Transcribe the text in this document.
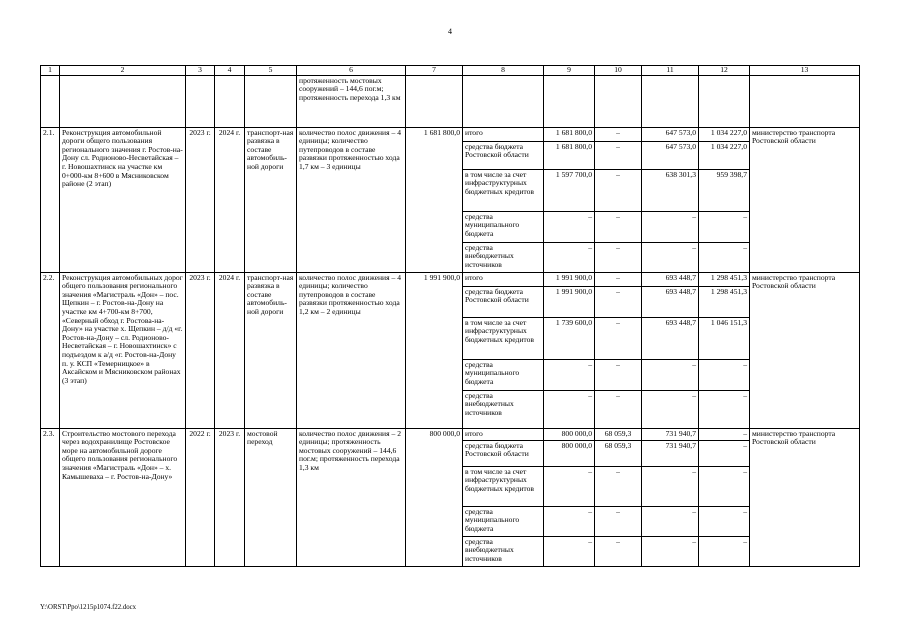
4
1	2	3	4	5	6	7	8	9	10	11	12	13
					протяженность мостовых сооружений – 144,6 пог.м; протяженность перехода 1,3 км							
2.1.	Реконструкция автомобильной дороги общего пользования регионального значения г. Ростов-на-Дону сл. Родионово-Несветайская – г. Новошахтинск на участке км 0+000-км 8+600 в Мясниковском районе (2 этап)	2023 г.	2024 г.	транспорт-ная развязка в составе автомобиль-ной дороги	количество полос движения – 4 единицы; количество путепроводов в составе развязки протяженностью хода 1,7 км – 3 единицы	1 681 800,0	итого	1 681 800,0	–	647 573,0	1 034 227,0	министерство транспорта Ростовской области
							средства бюджета Ростовской области	1 681 800,0	–	647 573,0	1 034 227,0	
							в том числе за счет инфраструктурных бюджетных кредитов	1 597 700,0	–	638 301,3	959 398,7	
							средства муниципального бюджета	–	–	–	–	
							средства внебюджетных источников	–	–	–	–	
2.2.	Реконструкция автомобильных дорог общего пользования регионального значения «Магистраль «Дон» – пос. Щепкин – г. Ростов-на-Дону на участке км 4+700-км 8+700, «Северный обход г. Ростова-на-Дону» на участке х. Щепкин – д/д «г. Ростов-на-Дону – сл. Родионово-Несветайская – г. Новошахтинск» с подъездом к а/д «г. Ростов-на-Дону п. у. КСП «Темерницкое» в Аксайском и Мясниковском районах (3 этап)	2023 г.	2024 г.	транспорт-ная развязка в составе автомобиль-ной дороги	количество полос движения – 4 единицы; количество путепроводов в составе развязки протяженностью хода 1,2 км – 2 единицы	1 991 900,0	итого	1 991 900,0	–	693 448,7	1 298 451,3	министерство транспорта Ростовской области
							средства бюджета Ростовской области	1 991 900,0	–	693 448,7	1 298 451,3	
							в том числе за счет инфраструктурных бюджетных кредитов	1 739 600,0	–	693 448,7	1 046 151,3	
							средства муниципального бюджета	–	–	–	–	
							средства внебюджетных источников	–	–	–	–	
2.3.	Строительство мостового перехода через водохранилище Ростовское море на автомобильной дороге общего пользования регионального значения «Магистраль «Дон» – х. Камышеваха – г. Ростов-на-Дону»	2022 г.	2023 г.	мостовой переход	количество полос движения – 2 единицы; протяженность мостовых сооружений – 144,6 пог.м; протяженность перехода 1,3 км	800 000,0	итого	800 000,0	68 059,3	731 940,7	–	министерство транспорта Ростовской области
							средства бюджета Ростовской области	800 000,0	68 059,3	731 940,7	–	
							в том числе за счет инфраструктурных бюджетных кредитов	–	–	–	–	
							средства муниципального бюджета	–	–	–	–	
							средства внебюджетных источников	–	–	–	–	
Y:\ORST\Ppo\1215p1074.f22.docx
